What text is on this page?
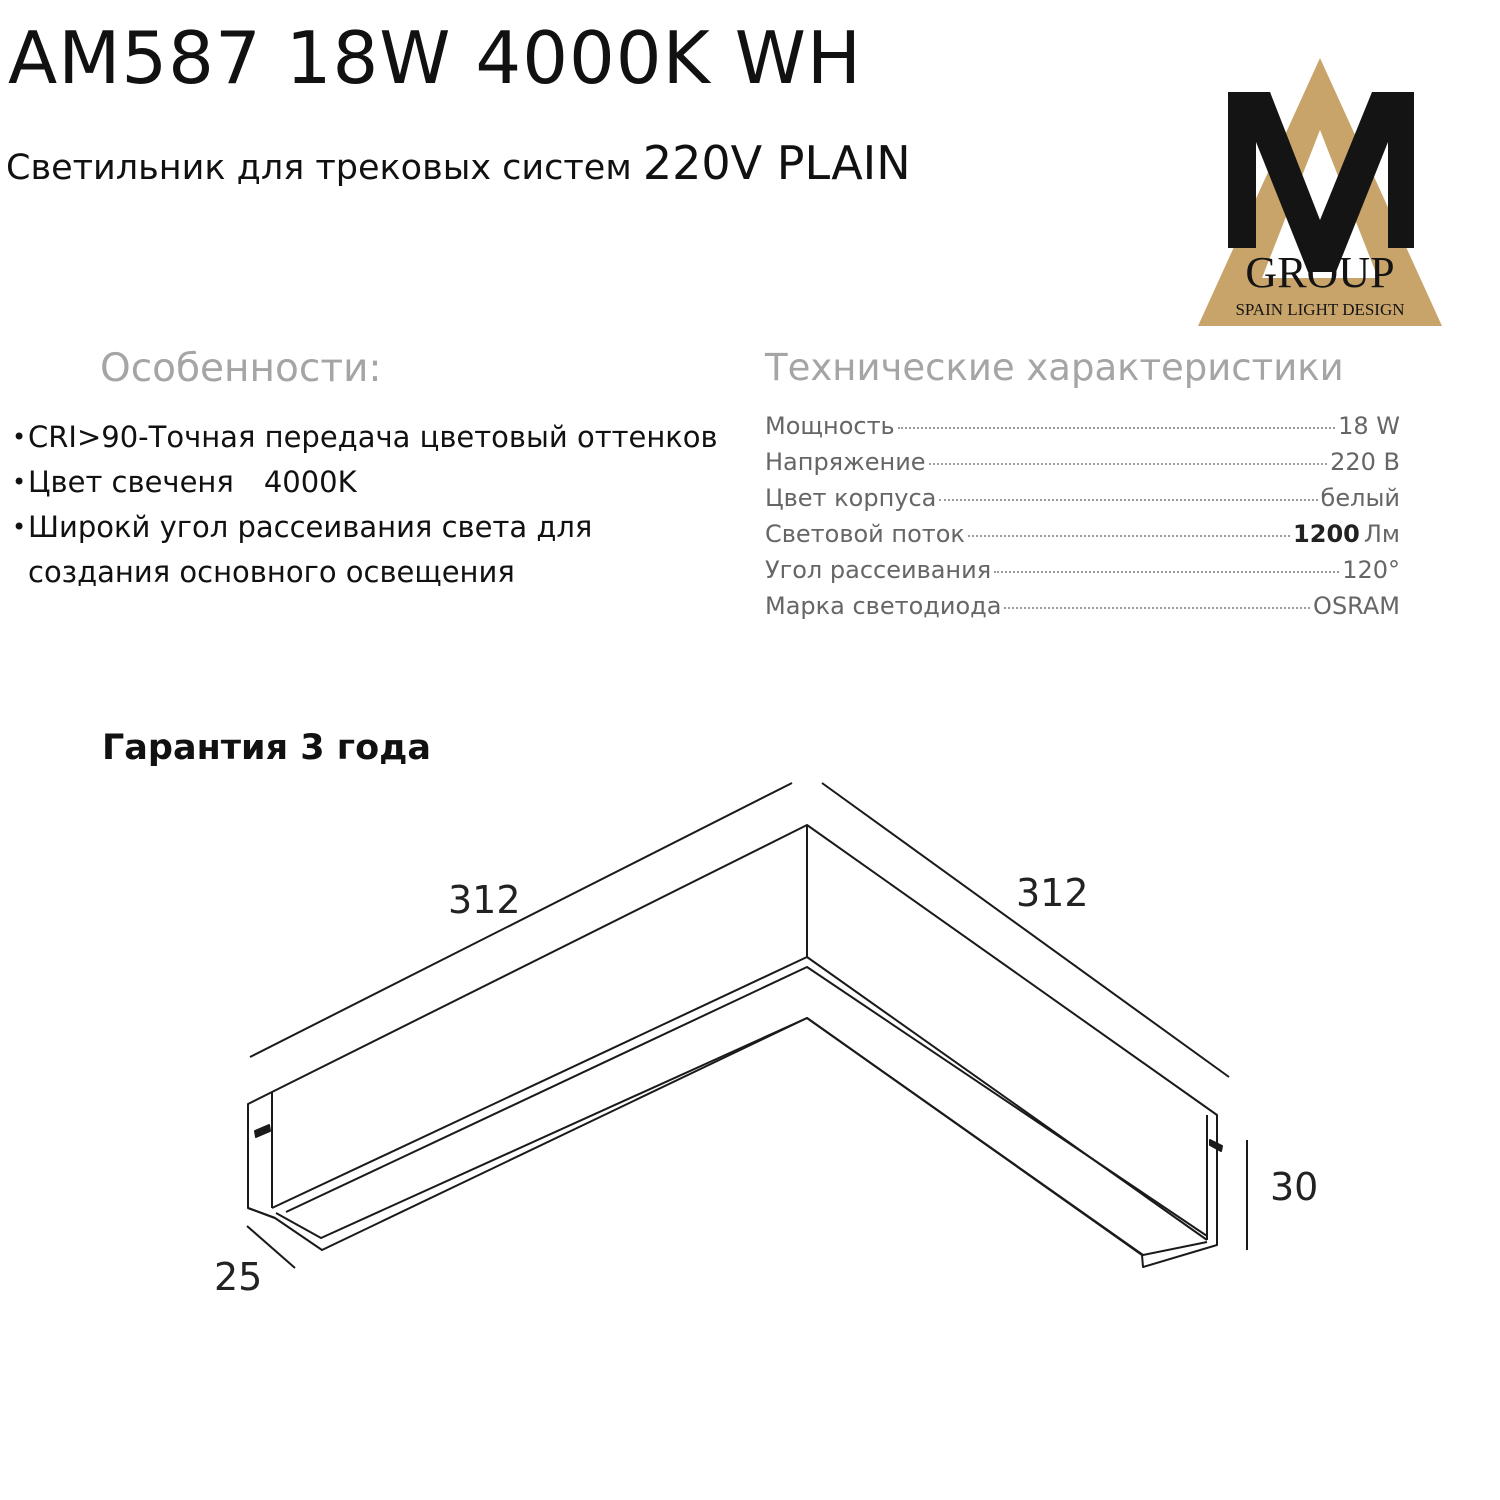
AM587 18W 4000K WH
Светильник для трековых систем 220V PLAIN
GROUP
SPAIN LIGHT DESIGN
Особенности:
• CRI>90-Точная передача цветовый оттенков
• Цвет свеченя 4000K
• Широкй угол рассеивания света для
создания основного освещения
Технические характеристики
Мощность	18 W
Напряжение	220 В
Цвет корпуса	белый
Световой поток	1200 Лм
Угол рассеивания	120°
Марка светодиода	OSRAM
Гарантия 3 года
312	312
30
25
